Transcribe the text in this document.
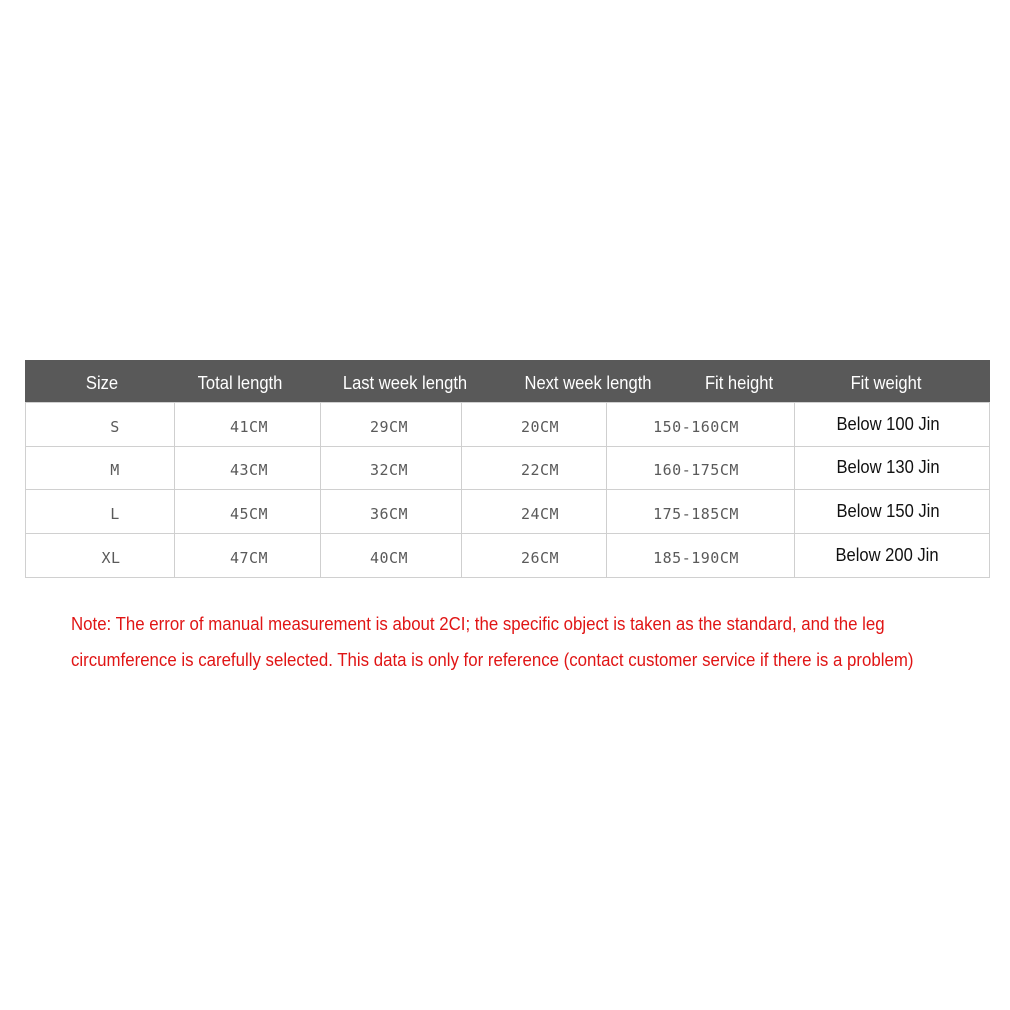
Size	Total length	Last week length	Next week length	Fit height	Fit weight
S	41CM	29CM	20CM	150-160CM	Below 100 Jin
M	43CM	32CM	22CM	160-175CM	Below 130 Jin
L	45CM	36CM	24CM	175-185CM	Below 150 Jin
XL	47CM	40CM	26CM	185-190CM	Below 200 Jin
Note: The error of manual measurement is about 2CI; the specific object is taken as the standard, and the leg
circumference is carefully selected. This data is only for reference (contact customer service if there is a problem)
